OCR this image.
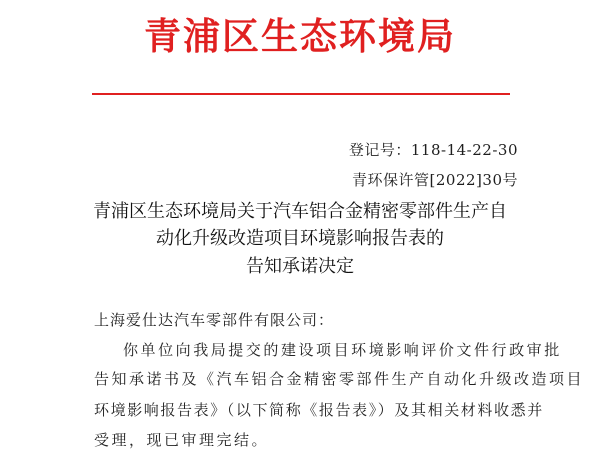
青浦区生态环境局
登记号：118-14-22-30
青环保许管[2022]30号
青浦区生态环境局关于汽车铝合金精密零部件生产自
动化升级改造项目环境影响报告表的
告知承诺决定
上海爱仕达汽车零部件有限公司：
你单位向我局提交的建设项目环境影响评价文件行政审批
告知承诺书及《汽车铝合金精密零部件生产自动化升级改造项目
环境影响报告表》（以下简称《报告表》）及其相关材料收悉并
受理，现已审理完结。
